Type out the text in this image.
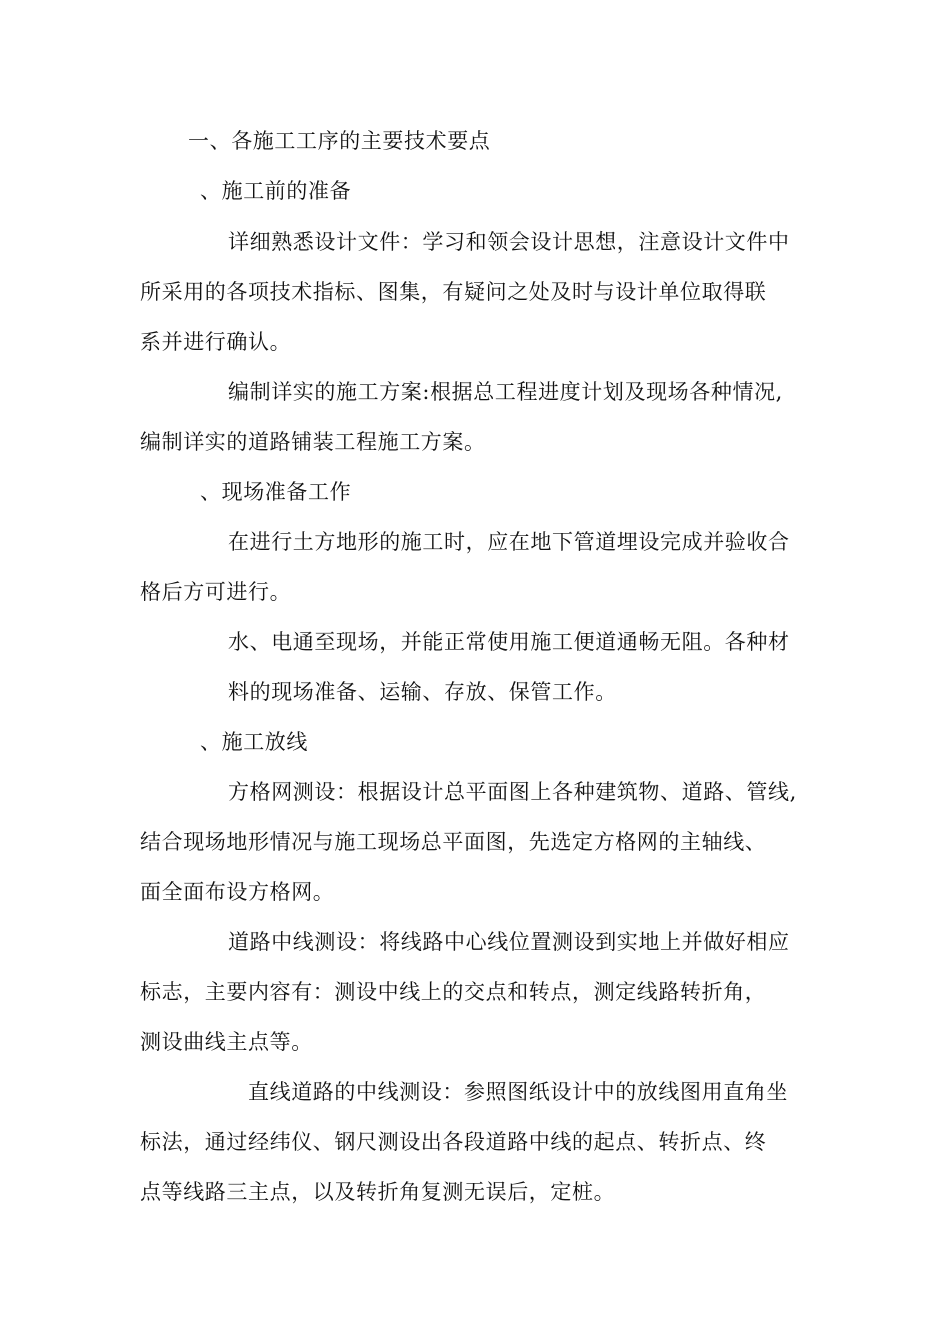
一、各施工工序的主要技术要点
、施工前的准备
详细熟悉设计文件：学习和领会设计思想，注意设计文件中
所采用的各项技术指标、图集，有疑问之处及时与设计单位取得联
系并进行确认。
编制详实的施工方案:根据总工程进度计划及现场各种情况,
编制详实的道路铺装工程施工方案。
、现场准备工作
在进行土方地形的施工时，应在地下管道埋设完成并验收合
格后方可进行。
水、电通至现场，并能正常使用施工便道通畅无阻。各种材
料的现场准备、运输、存放、保管工作。
、施工放线
方格网测设：根据设计总平面图上各种建筑物、道路、管线,
结合现场地形情况与施工现场总平面图，先选定方格网的主轴线、
面全面布设方格网。
道路中线测设：将线路中心线位置测设到实地上并做好相应
标志，主要内容有：测设中线上的交点和转点，测定线路转折角，
测设曲线主点等。
直线道路的中线测设：参照图纸设计中的放线图用直角坐
标法，通过经纬仪、钢尺测设出各段道路中线的起点、转折点、终
点等线路三主点，以及转折角复测无误后，定桩。
